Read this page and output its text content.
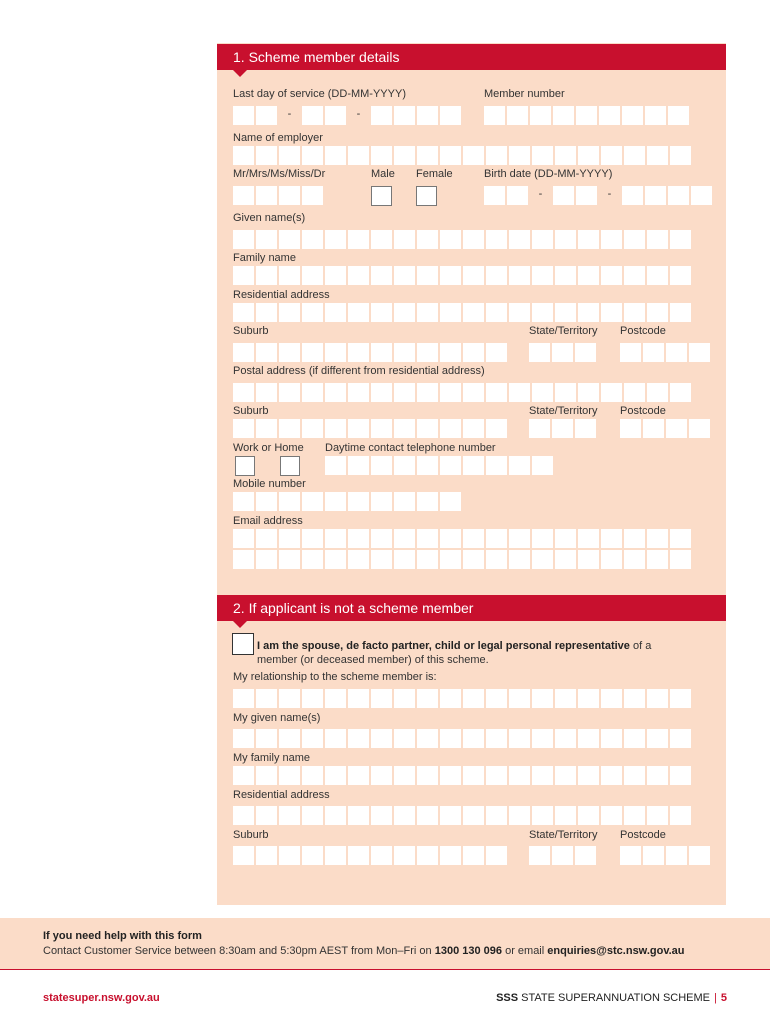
1. Scheme member details
Last day of service (DD-MM-YYYY)	Member number
-	-
Name of employer
Mr/Mrs/Ms/Miss/Dr	Male Female	Birth date (DD-MM-YYYY)
-	-
Given name(s)
Family name
Residential address
Suburb	State/Territory Postcode
Postal address (if different from residential address)
Suburb	State/Territory Postcode
Work or Home Daytime contact telephone number
Mobile number
Email address
2. If applicant is not a scheme member
I am the spouse, de facto partner, child or legal personal representative of a
member (or deceased member) of this scheme.
My relationship to the scheme member is:
My given name(s)
My family name
Residential address
Suburb	State/Territory Postcode
If you need help with this form
Contact Customer Service between 8:30am and 5:30pm AEST from Mon–Fri on 1300 130 096 or email enquiries@stc.nsw.gov.au
statesuper.nsw.gov.au	SSS STATE SUPERANNUATION SCHEME | 5
